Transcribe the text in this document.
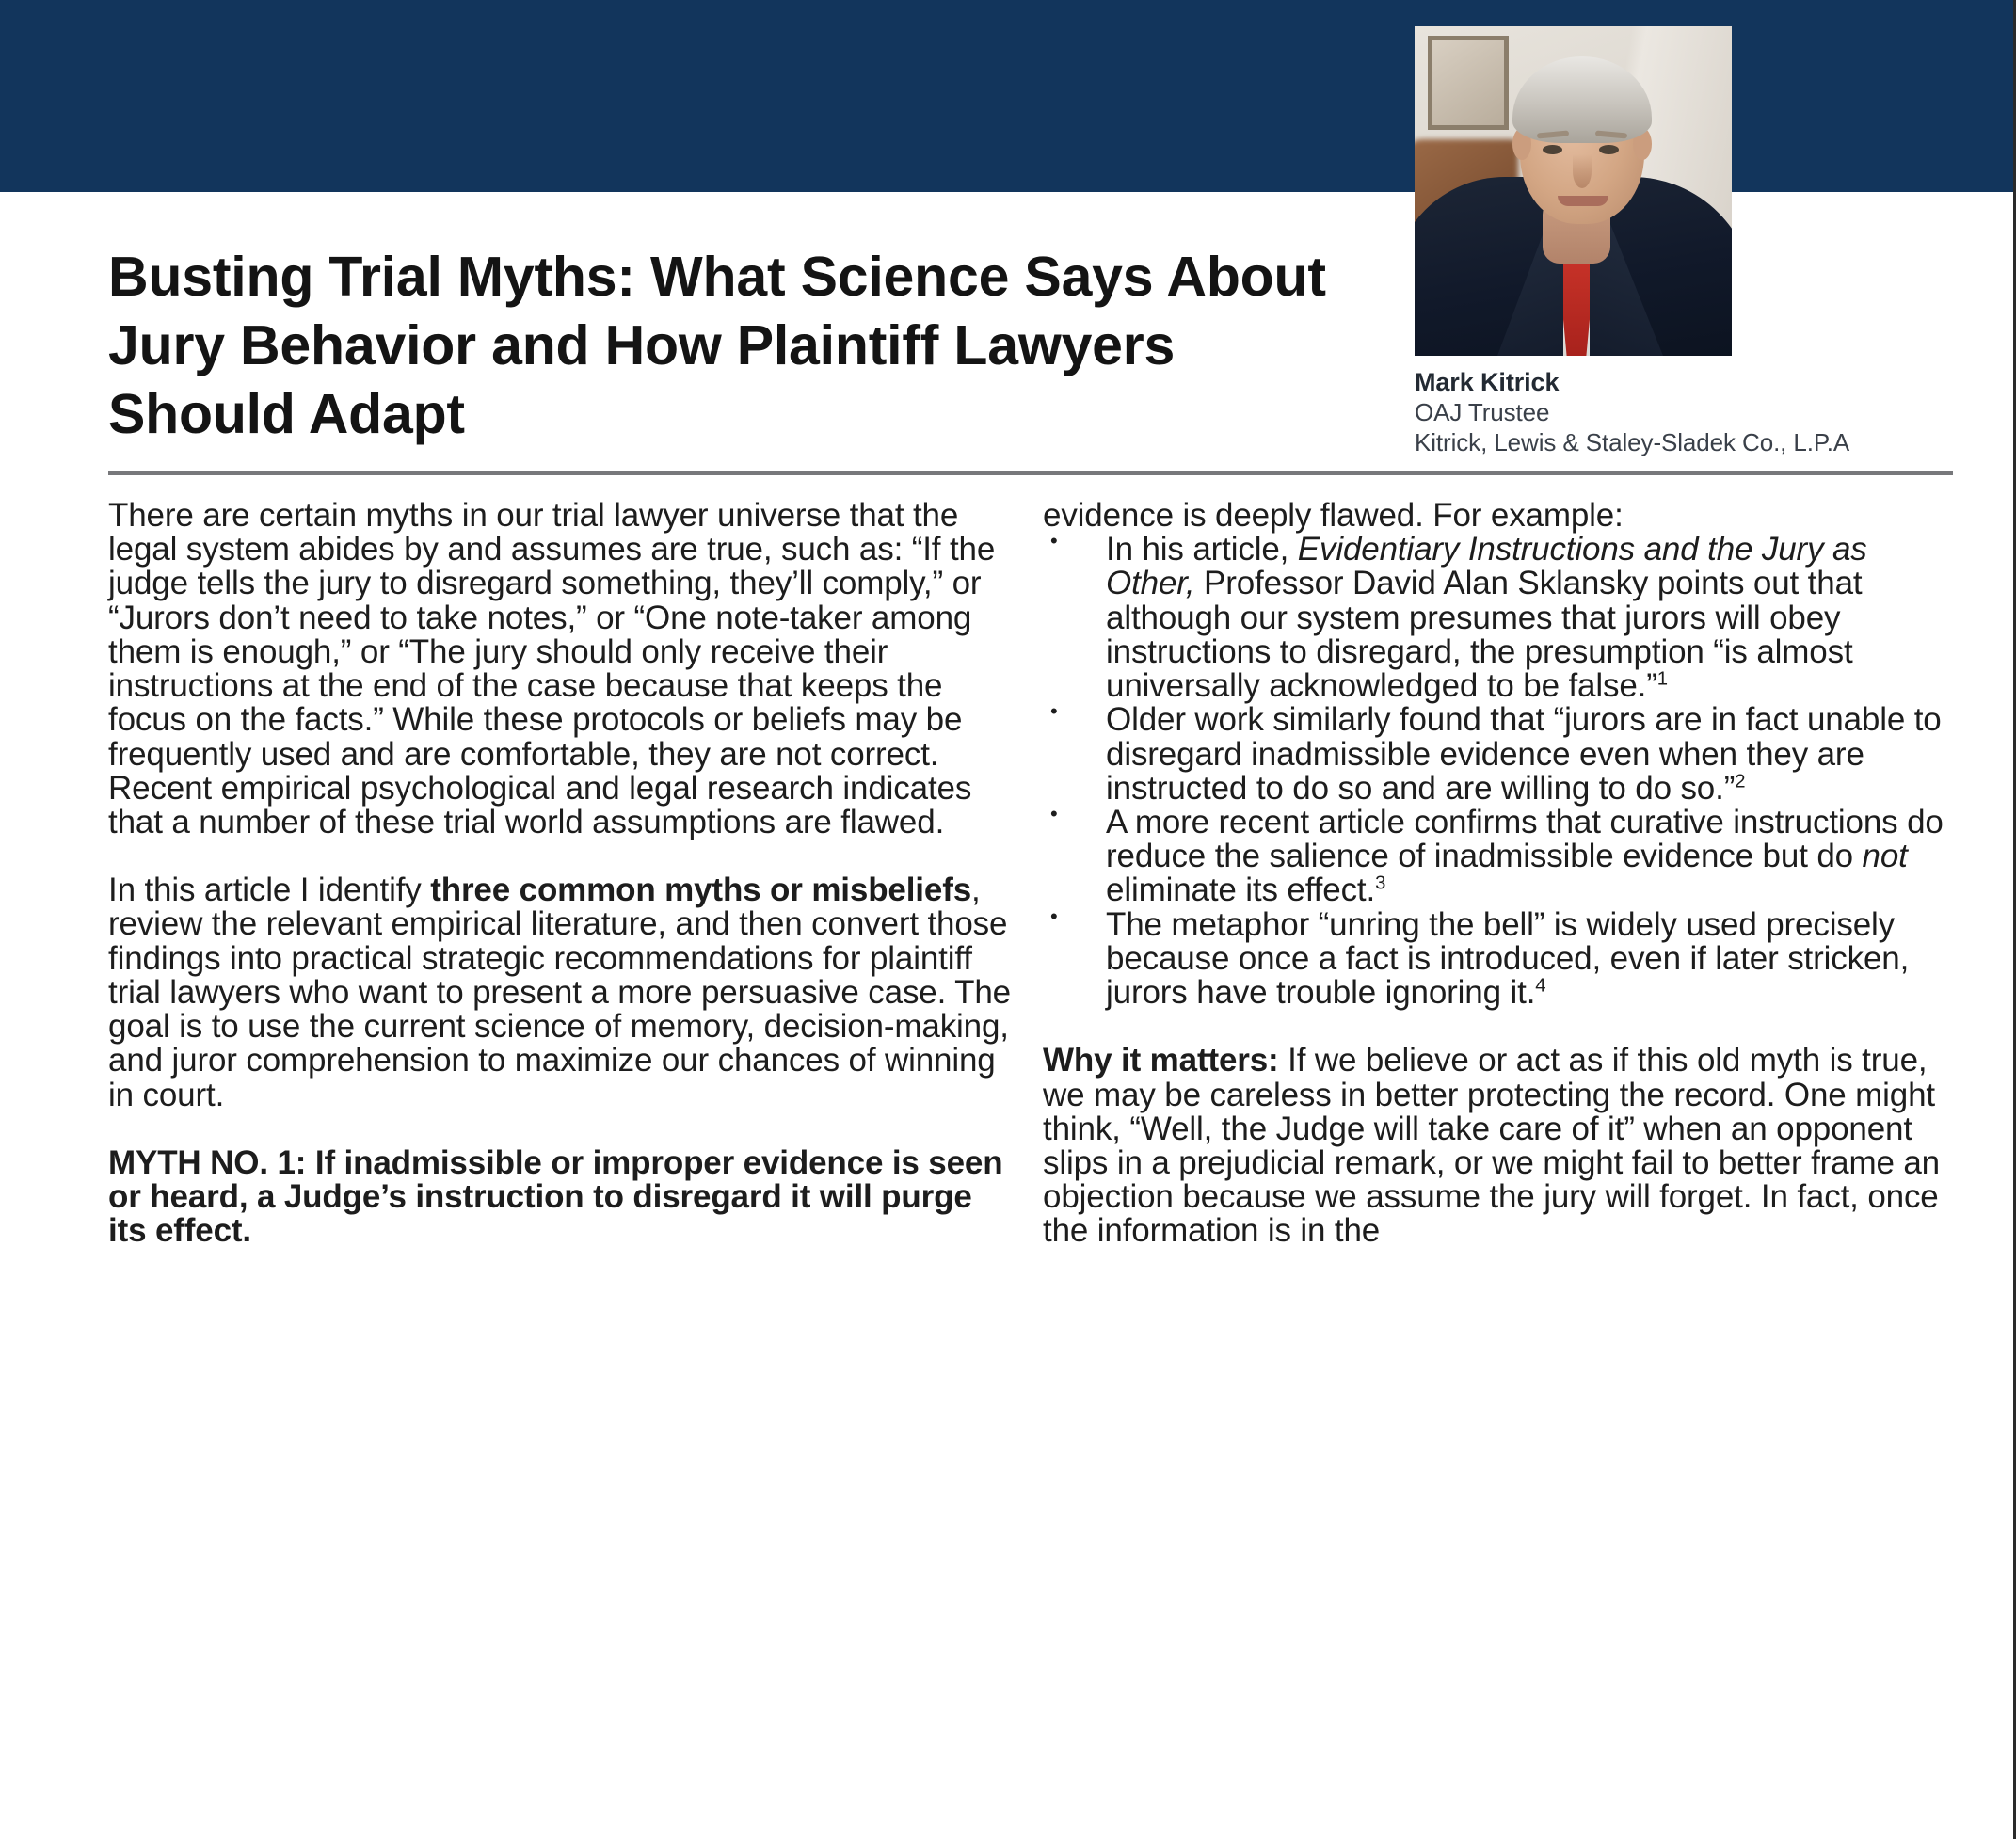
Busting Trial Myths: What Science Says About Jury Behavior and How Plaintiff Lawyers Should Adapt
Mark Kitrick
OAJ Trustee
Kitrick, Lewis & Staley-Sladek Co., L.P.A

There are certain myths in our trial lawyer universe that the legal system abides by and assumes are true, such as: “If the judge tells the jury to disregard something, they’ll comply,” or “Jurors don’t need to take notes,” or “One note-taker among them is enough,” or “The jury should only receive their instructions at the end of the case because that keeps the focus on the facts.” While these protocols or beliefs may be frequently used and are comfortable, they are not correct. Recent empirical psychological and legal research indicates that a number of these trial world assumptions are flawed.

In this article I identify three common myths or misbeliefs, review the relevant empirical literature, and then convert those findings into practical strategic recommendations for plaintiff trial lawyers who want to present a more persuasive case. The goal is to use the current science of memory, decision-making, and juror comprehension to maximize our chances of winning in court.

MYTH NO. 1: If inadmissible or improper evidence is seen or heard, a Judge’s instruction to disregard it will purge its effect.

evidence is deeply flawed. For example:

• In his article, Evidentiary Instructions and the Jury as Other, Professor David Alan Sklansky points out that although our system presumes that jurors will obey instructions to disregard, the presumption “is almost universally acknowledged to be false.”$^1$
• Older work similarly found that “jurors are in fact unable to disregard inadmissible evidence even when they are instructed to do so and are willing to do so.”$^2$
• A more recent article confirms that curative instructions do reduce the salience of inadmissible evidence but do not eliminate its effect.$^3$
• The metaphor “unring the bell” is widely used precisely because once a fact is introduced, even if later stricken, jurors have trouble ignoring it.$^4$

Why it matters: If we believe or act as if this old myth is true, we may be careless in better protecting the record. One might think, “Well, the Judge will take care of it” when an opponent slips in a prejudicial remark, or we might fail to better frame an objection because we assume the jury will forget. In fact, once the information is in the
